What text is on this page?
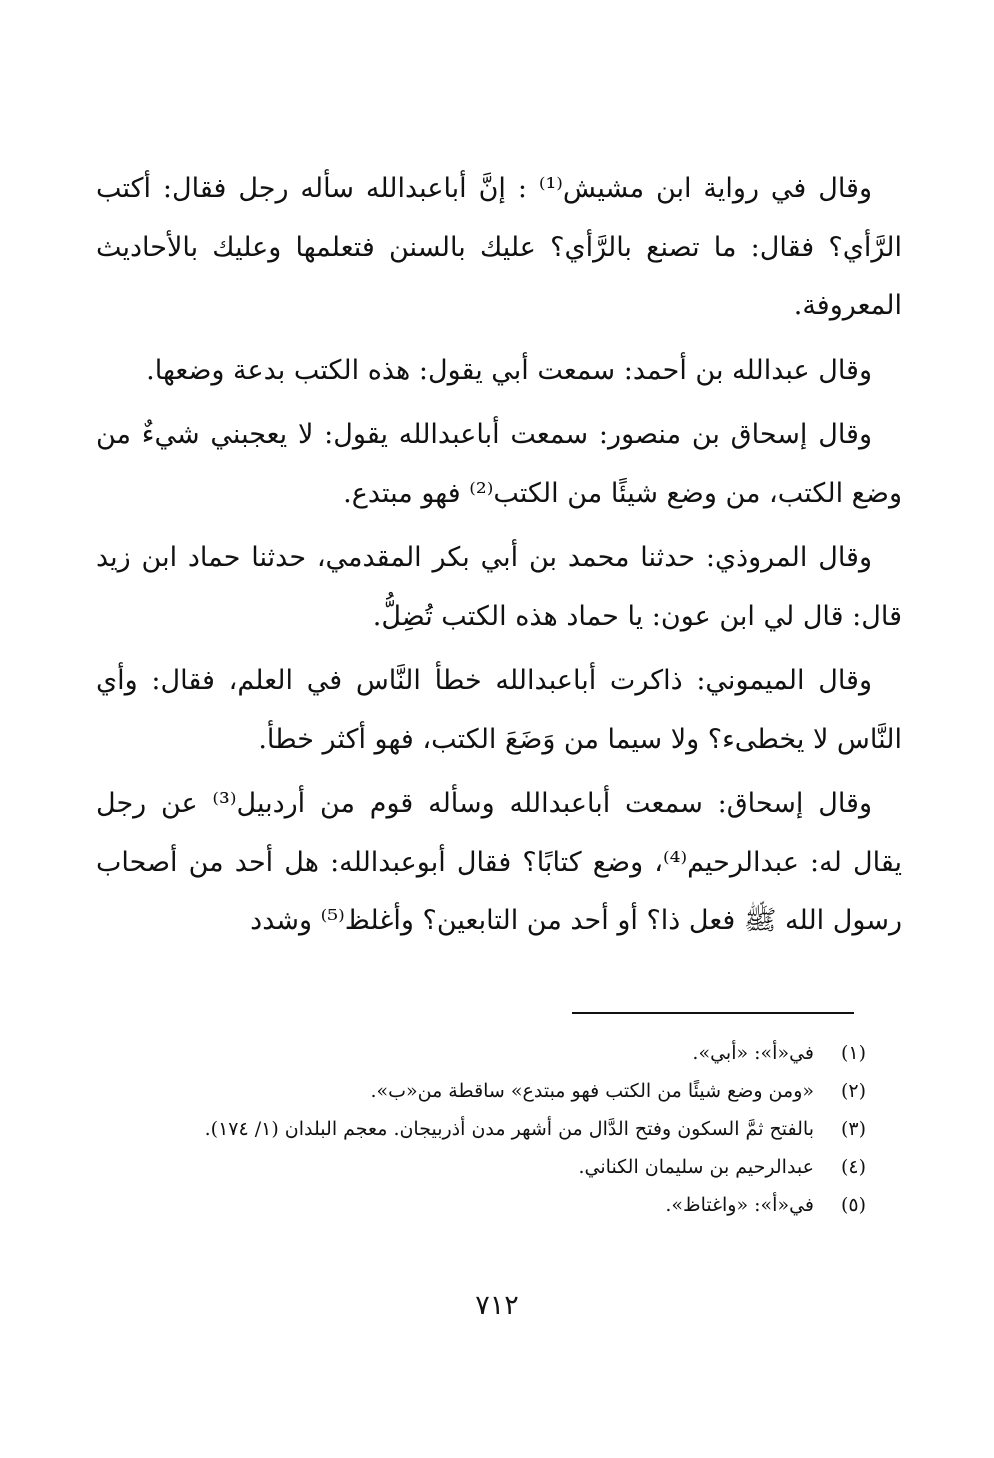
وقال في رواية ابن مشيش⁽¹⁾ : إنَّ أباعبدالله سأله رجل فقال: أكتب الرَّأي؟ فقال: ما تصنع بالرَّأي؟ عليك بالسنن فتعلمها وعليك بالأحاديث المعروفة.

وقال عبدالله بن أحمد: سمعت أبي يقول: هذه الكتب بدعة وضعها.

وقال إسحاق بن منصور: سمعت أباعبدالله يقول: لا يعجبني شيءٌ من وضع الكتب، من وضع شيئًا من الكتب⁽²⁾ فهو مبتدع.

وقال المروذي: حدثنا محمد بن أبي بكر المقدمي، حدثنا حماد ابن زيد قال: قال لي ابن عون: يا حماد هذه الكتب تُضِلُّ.

وقال الميموني: ذاكرت أباعبدالله خطأ النَّاس في العلم، فقال: وأي النَّاس لا يخطىء؟ ولا سيما من وَضَعَ الكتب، فهو أكثر خطأ.

وقال إسحاق: سمعت أباعبدالله وسأله قوم من أردبيل⁽³⁾ عن رجل يقال له: عبدالرحيم⁽⁴⁾، وضع كتابًا؟ فقال أبوعبدالله: هل أحد من أصحاب رسول الله ﷺ فعل ذا؟ أو أحد من التابعين؟ وأغلظ⁽⁵⁾ وشدد

(١)
في«أ»: «أبي».
(٢)
«ومن وضع شيئًا من الكتب فهو مبتدع» ساقطة من«ب».
(٣)
بالفتح ثمَّ السكون وفتح الدَّال من أشهر مدن أذربيجان. معجم البلدان (١/ ١٧٤).
(٤)
عبدالرحيم بن سليمان الكناني.
(٥)
في«أ»: «واغتاظ».
٧١٢
